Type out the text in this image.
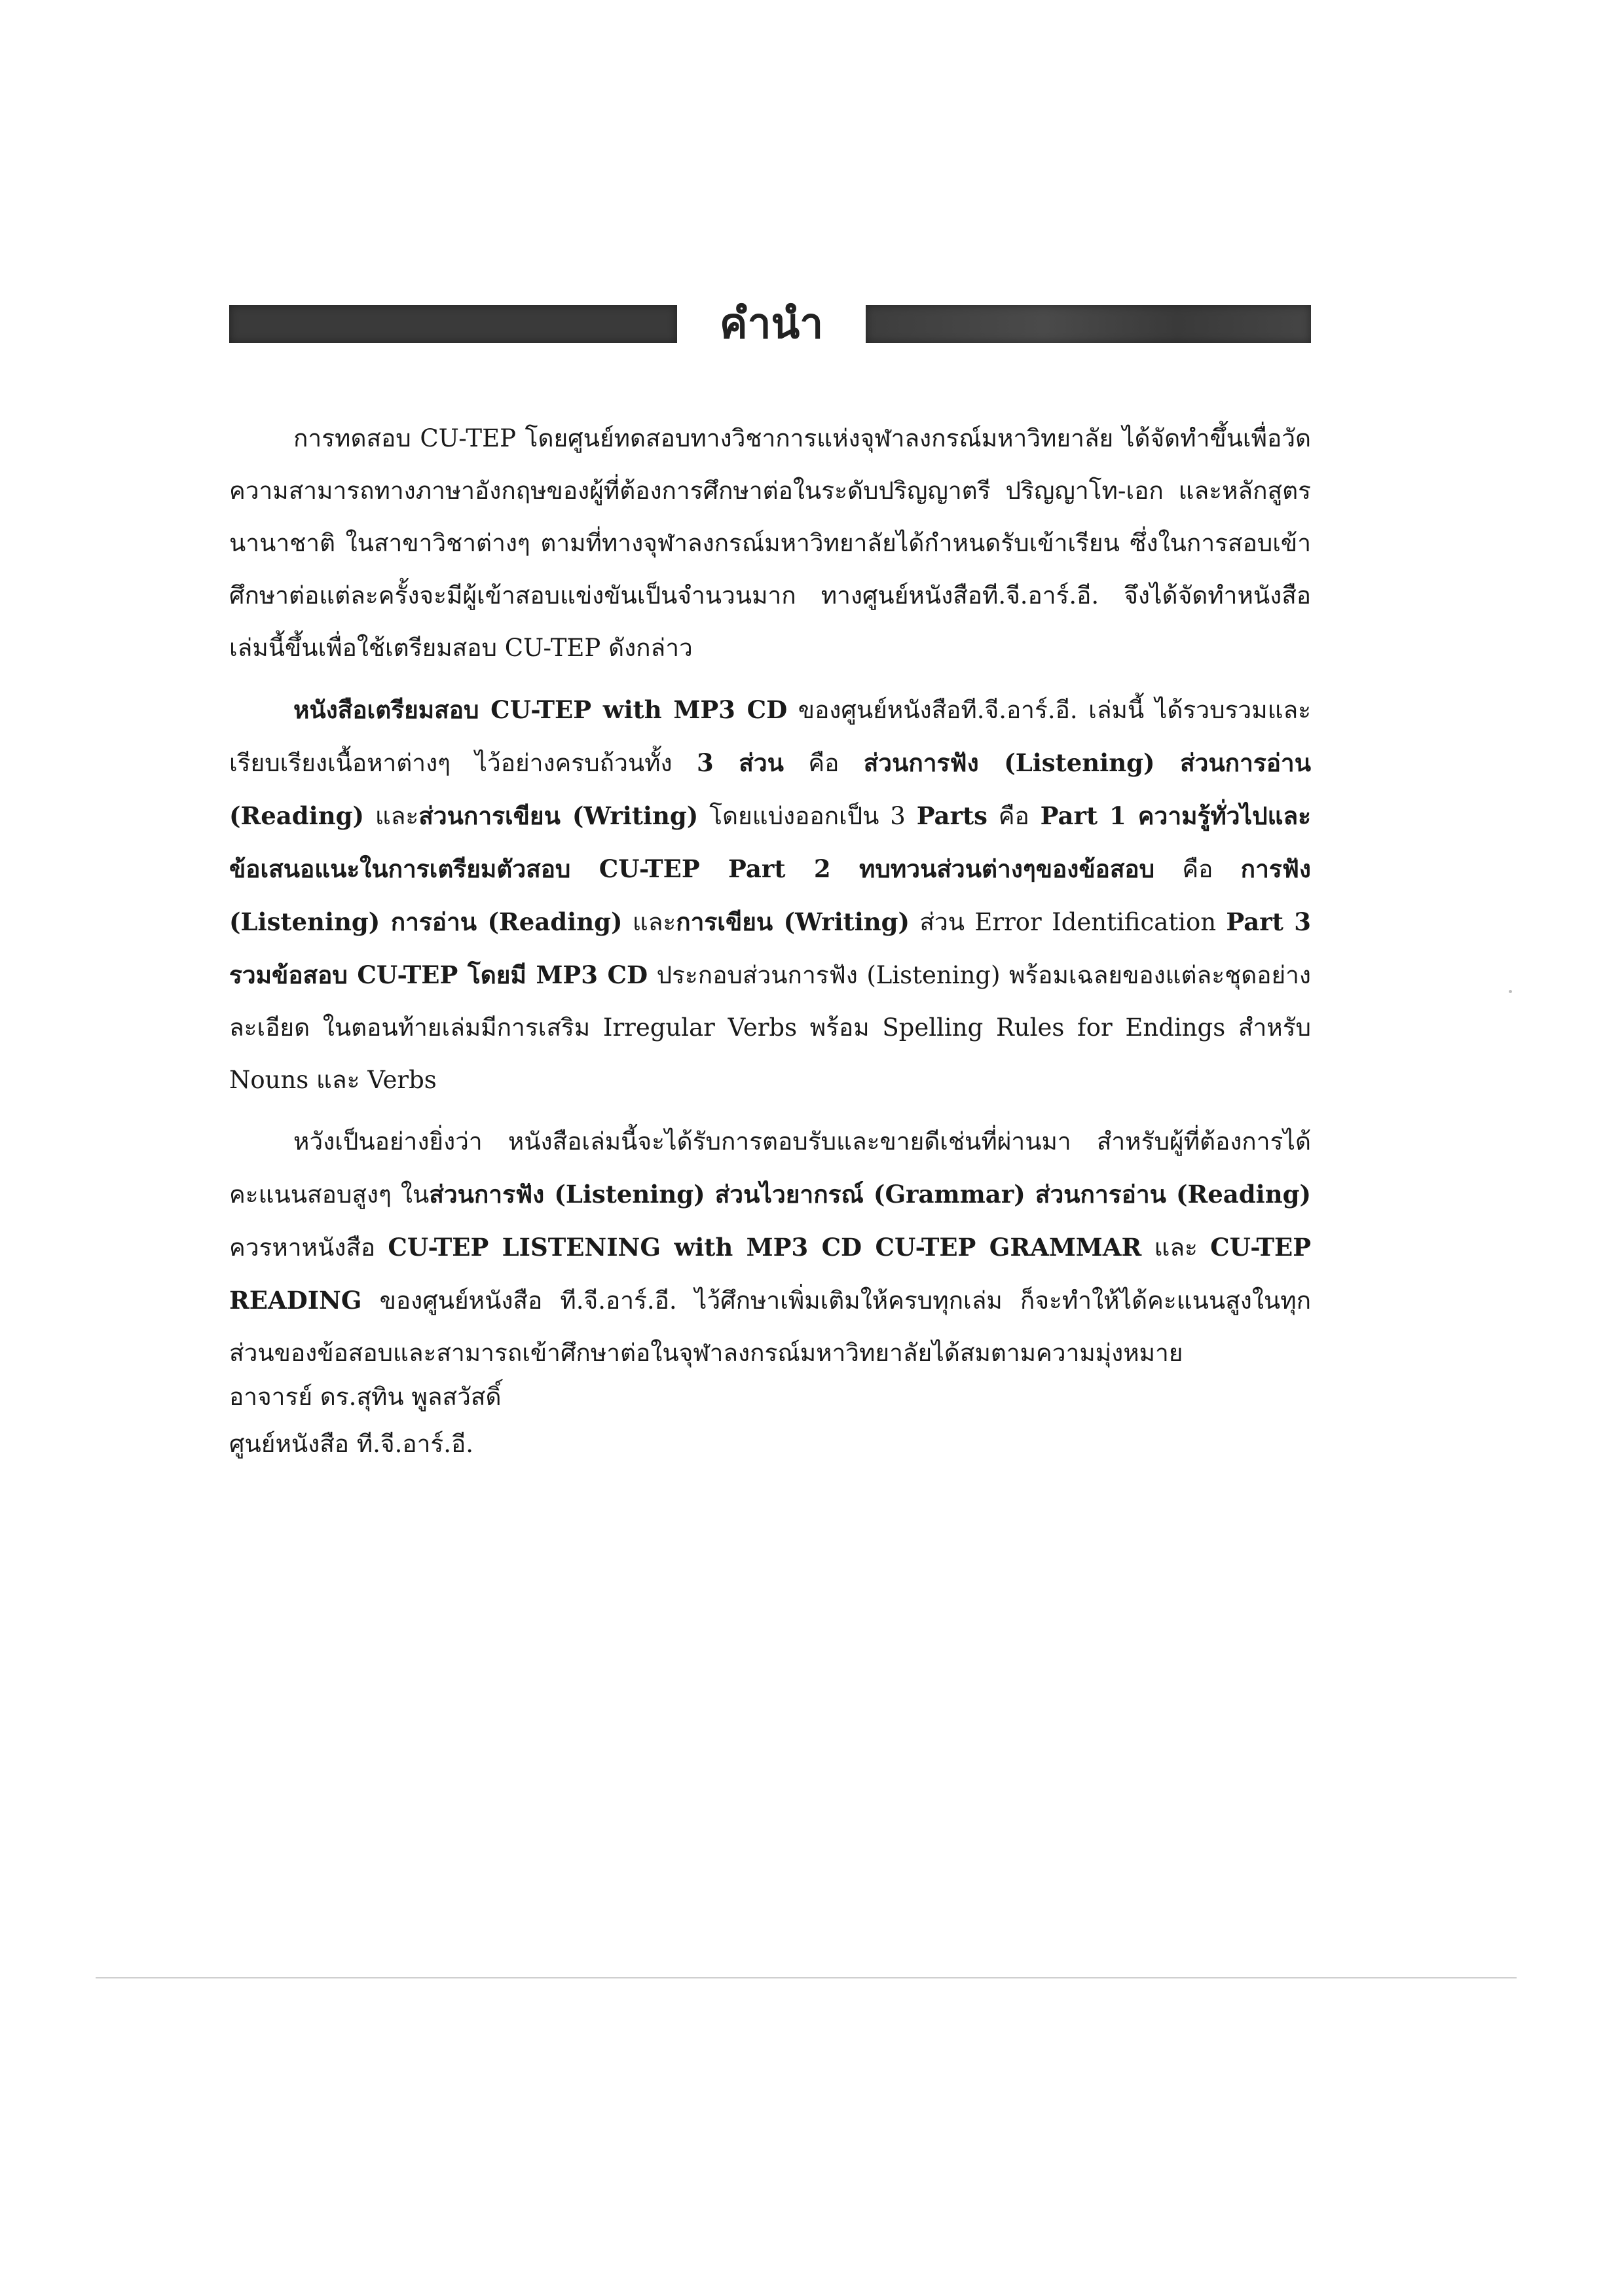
คำนำ

การทดสอบ CU-TEP โดยศูนย์ทดสอบทางวิชาการแห่งจุฬาลงกรณ์มหาวิทยาลัย ได้จัดทำขึ้นเพื่อวัดความสามารถทางภาษาอังกฤษของผู้ที่ต้องการศึกษาต่อในระดับปริญญาตรี ปริญญาโท-เอก และหลักสูตรนานาชาติ ในสาขาวิชาต่างๆ ตามที่ทางจุฬาลงกรณ์มหาวิทยาลัยได้กำหนดรับเข้าเรียน ซึ่งในการสอบเข้าศึกษาต่อแต่ละครั้งจะมีผู้เข้าสอบแข่งขันเป็นจำนวนมาก ทางศูนย์หนังสือที.จี.อาร์.อี. จึงได้จัดทำหนังสือเล่มนี้ขึ้นเพื่อใช้เตรียมสอบ CU-TEP ดังกล่าว

หนังสือเตรียมสอบ CU-TEP with MP3 CD ของศูนย์หนังสือที.จี.อาร์.อี. เล่มนี้ ได้รวบรวมและเรียบเรียงเนื้อหาต่างๆ ไว้อย่างครบถ้วนทั้ง 3 ส่วน คือ ส่วนการฟัง (Listening) ส่วนการอ่าน (Reading) และส่วนการเขียน (Writing) โดยแบ่งออกเป็น 3 Parts คือ Part 1 ความรู้ทั่วไปและข้อเสนอแนะในการเตรียมตัวสอบ CU-TEP Part 2 ทบทวนส่วนต่างๆของข้อสอบ คือ การฟัง (Listening) การอ่าน (Reading) และการเขียน (Writing) ส่วน Error Identification Part 3 รวมข้อสอบ CU-TEP โดยมี MP3 CD ประกอบส่วนการฟัง (Listening) พร้อมเฉลยของแต่ละชุดอย่างละเอียด ในตอนท้ายเล่มมีการเสริม Irregular Verbs พร้อม Spelling Rules for Endings สำหรับ Nouns และ Verbs

หวังเป็นอย่างยิ่งว่า หนังสือเล่มนี้จะได้รับการตอบรับและขายดีเช่นที่ผ่านมา สำหรับผู้ที่ต้องการได้คะแนนสอบสูงๆ ในส่วนการฟัง (Listening) ส่วนไวยากรณ์ (Grammar) ส่วนการอ่าน (Reading) ควรหาหนังสือ CU-TEP LISTENING with MP3 CD CU-TEP GRAMMAR และ CU-TEP READING ของศูนย์หนังสือ ที.จี.อาร์.อี. ไว้ศึกษาเพิ่มเติมให้ครบทุกเล่ม ก็จะทำให้ได้คะแนนสูงในทุกส่วนของข้อสอบและสามารถเข้าศึกษาต่อในจุฬาลงกรณ์มหาวิทยาลัยได้สมตามความมุ่งหมาย

อาจารย์ ดร.สุทิน พูลสวัสดิ์
ศูนย์หนังสือ ที.จี.อาร์.อี.
